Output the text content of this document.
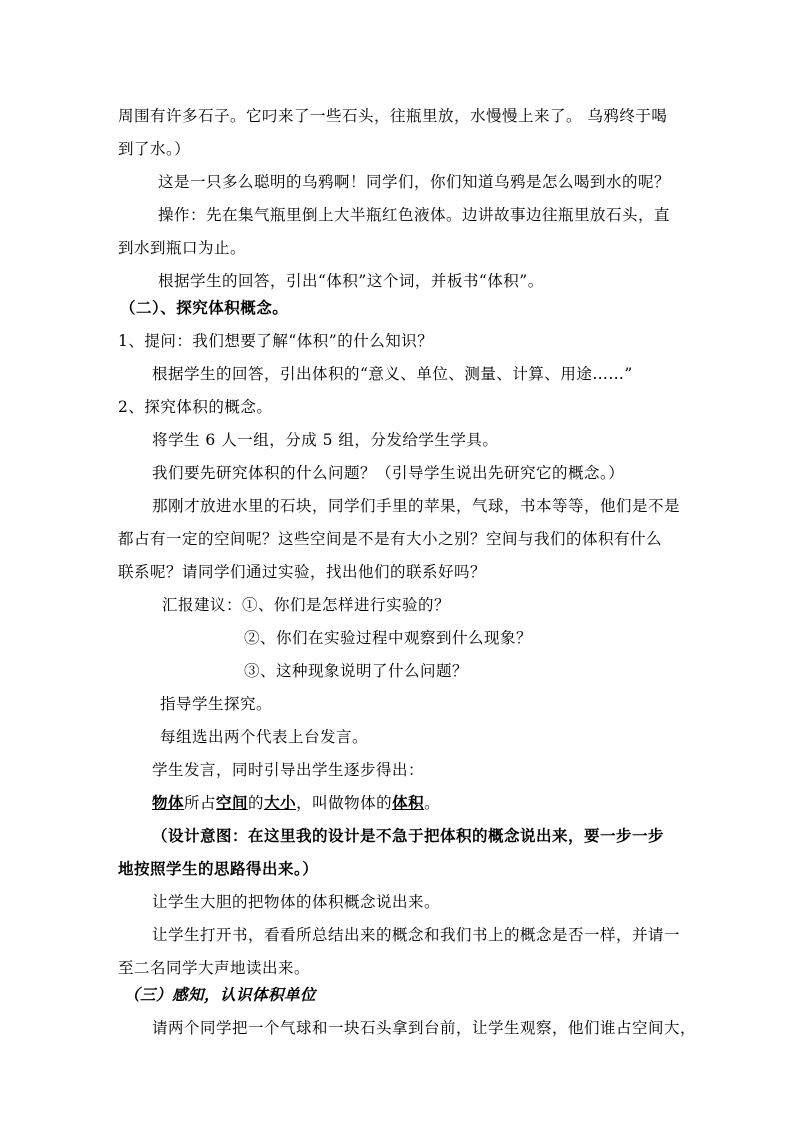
周围有许多石子。它叼来了一些石头，往瓶里放，水慢慢上来了。 乌鸦终于喝
到了水。）
这是一只多么聪明的乌鸦啊！同学们，你们知道乌鸦是怎么喝到水的呢？
操作：先在集气瓶里倒上大半瓶红色液体。边讲故事边往瓶里放石头，直
到水到瓶口为止。
根据学生的回答，引出“体积”这个词，并板书“体积”。
（二）、探究体积概念。
1、提问：我们想要了解“体积”的什么知识？
根据学生的回答，引出体积的“意义、单位、测量、计算、用途……”
2、探究体积的概念。
将学生 6 人一组，分成 5 组，分发给学生学具。
我们要先研究体积的什么问题？（引导学生说出先研究它的概念。）
那刚才放进水里的石块，同学们手里的苹果，气球，书本等等，他们是不是
都占有一定的空间呢？这些空间是不是有大小之别？空间与我们的体积有什么
联系呢？请同学们通过实验，找出他们的联系好吗？
汇报建议：①、你们是怎样进行实验的？
②、你们在实验过程中观察到什么现象？
③、这种现象说明了什么问题？
指导学生探究。
每组选出两个代表上台发言。
学生发言，同时引导出学生逐步得出：
物体所占空间的大小，叫做物体的体积。
（设计意图：在这里我的设计是不急于把体积的概念说出来，要一步一步
地按照学生的思路得出来。）
让学生大胆的把物体的体积概念说出来。
让学生打开书，看看所总结出来的概念和我们书上的概念是否一样，并请一
至二名同学大声地读出来。
（三）感知，认识体积单位
请两个同学把一个气球和一块石头拿到台前，让学生观察，他们谁占空间大，
